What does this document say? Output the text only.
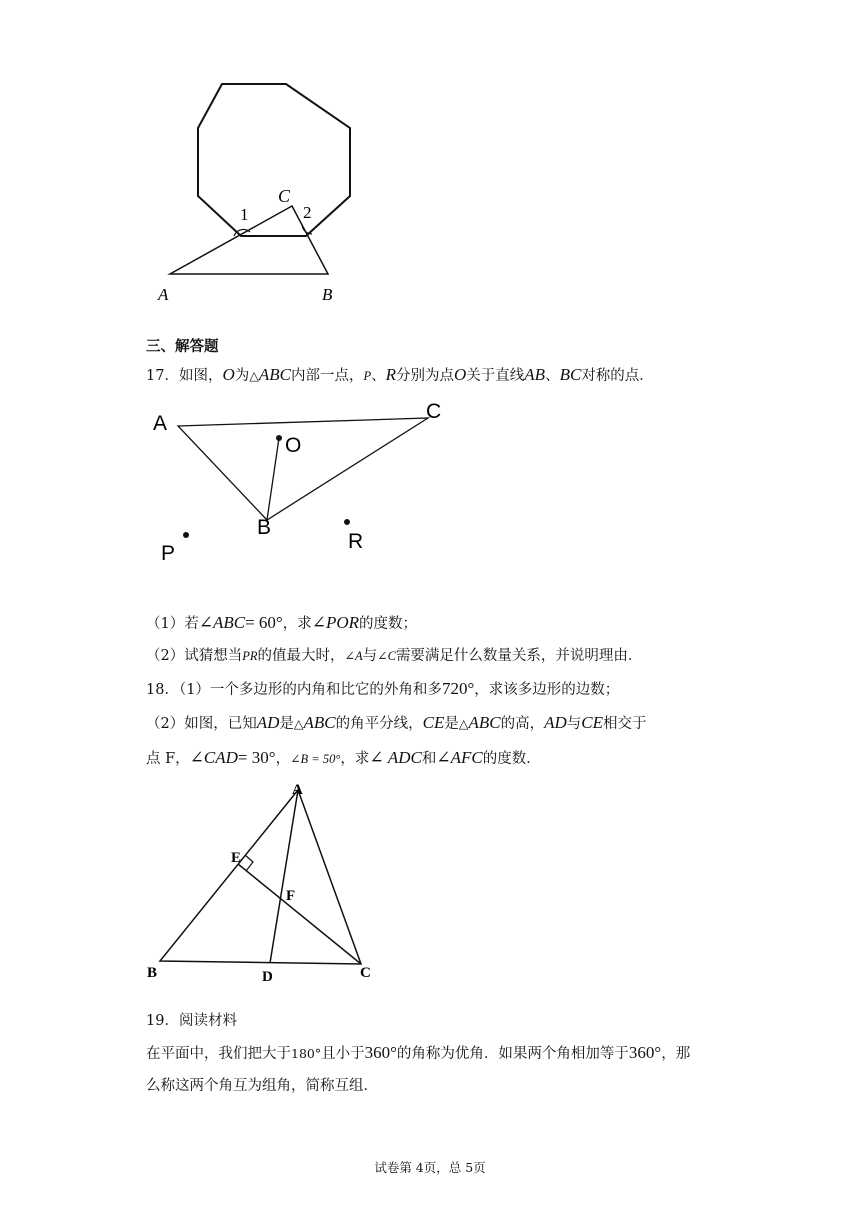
C
1	2
A	B
三、解答题
17．如图，O为△ABC内部一点，P、R分别为点O关于直线AB、BC对称的点．
A
C
O
B
P
R
（1）若∠ABC= 60°，求∠POR的度数；
（2）试猜想当PR的值最大时，∠A与∠C需要满足什么数量关系，并说明理由．
18．（1）一个多边形的内角和比它的外角和多720°，求该多边形的边数；
（2）如图，已知AD是△ABC的角平分线，CE是△ABC的高，AD与CE相交于
点 F，∠CAD= 30°，∠B = 50°，求∠ ADC和∠AFC的度数．
A
E
F
B	D	C
19．阅读材料
在平面中，我们把大于180°且小于360°的角称为优角．如果两个角相加等于360°，那
么称这两个角互为组角，简称互组．
试卷第 4页，总 5页
